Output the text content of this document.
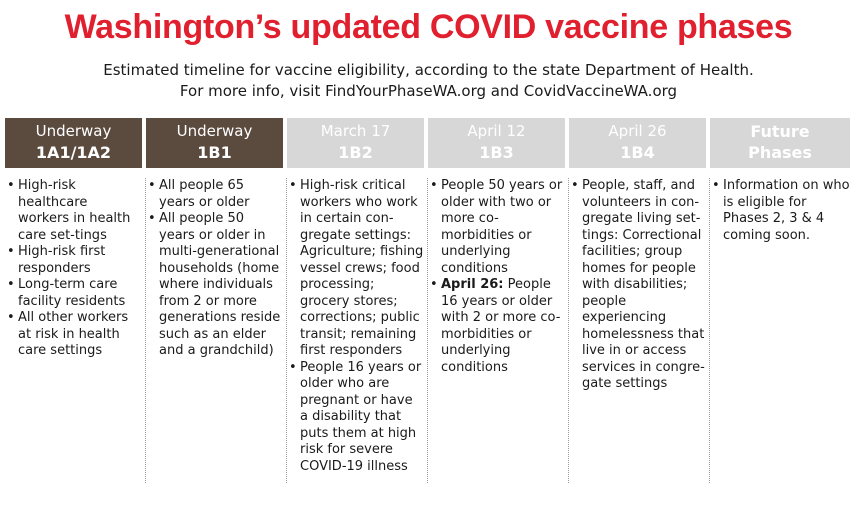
Washington’s updated COVID vaccine phases
Estimated timeline for vaccine eligibility, according to the state Department of Health.
For more info, visit FindYourPhaseWA.org and CovidVaccineWA.org
Underway
1A1/1A2
• High-risk healthcare workers in health care set-tings
• High-risk first responders
• Long-term care facility residents
• All other workers at risk in health care settings
Underway
1B1
• All people 65 years or older
• All people 50 years or older in multi-generational households (home where individuals from 2 or more generations reside such as an elder and a grandchild)
March 17
1B2
• High-risk critical workers who work in certain con-gregate settings: Agriculture; fishing vessel crews; food processing; grocery stores; corrections; public transit; remaining first responders
• People 16 years or older who are pregnant or have a disability that puts them at high risk for severe COVID-19 illness
April 12
1B3
• People 50 years or older with two or more co-morbidities or underlying conditions
• April 26: People 16 years or older with 2 or more co-morbidities or underlying conditions
April 26
1B4
• People, staff, and volunteers in con-gregate living set-tings: Correctional facilities; group homes for people with disabilities; people experiencing homelessness that live in or access services in congre-gate settings
Future
Phases
• Information on who is eligible for Phases 2, 3 & 4 coming soon.
